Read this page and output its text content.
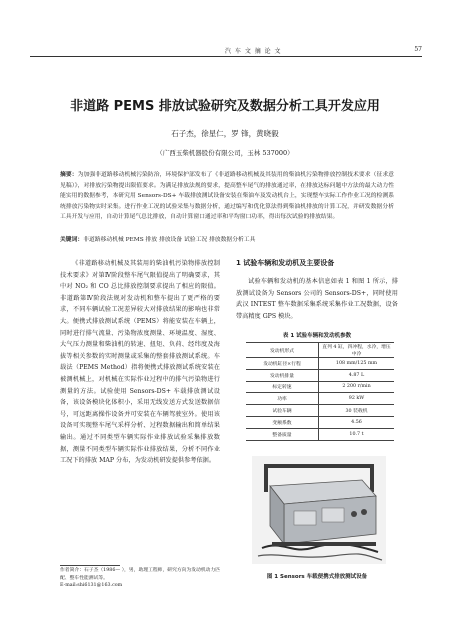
汽 车 文 摘 论 文	57
非道路 PEMS 排放试验研究及数据分析工具开发应用
石子杰，徐星仁，罗 锋，黄晓毅
（广西玉柴机器股份有限公司，玉林 537000）
摘要：为加强非道路移动机械污染防治，环境保护部发布了《非道路移动机械及其装用的柴油机污染物排放控制技术要求（征求意见稿）》，对排放污染物提出限值要求。为满足排放法规的要求，提高整车尾气的排放通过率，在排放达标问题中方法的最大动力性能实用的数据参考，本研究用 Sensors-DS+ 车载排放测试设备安装在柴油车及发动机台上，实现整车实际工作作业工况的检测系统排放污染物实时采集。进行作业工况的试验采集与数据分析，通过编写和优化算法得到柴油机排放的计算工况，并研发数据分析工具开发与应用，自动计算尾气总比排放，自动计算窗口通过率和平均窗口功率，得出每次试验的排放结果。
关键词：非道路移动机械 PEMS 排放 排放设备 试验工况 排放数据分析工具

《非道路移动机械及其装用的柴油机污染物排放控制技术要求》对第Ⅳ阶段整车尾气限值提出了明确要求，其中对 NO₂ 和 CO 总比排放控制要求提出了相应的限值。非道路第Ⅳ阶段法规对发动机和整车提出了更严格的要求，不同车辆试验工况差异较大对排放结果的影响也非常大。便携式排放测试系统（PEMS）将能安装在车辆上，同时进行排气流量、污染物浓度测量、环境温度、湿度、大气压力测量和柴油机的转速、扭矩、负荷、经纬度及海拔等相关参数的实时测量或采集的整套排放测试系统。车载法（PEMS Method）指将便携式排放测试系统安装在被测机械上，对机械在实际作业过程中的排气污染物进行测量的方法。试验使用 Sensors-DS+ 车载排放测试设备，该设备模块化体积小，采用无线发送方式发送数据信号，可远距离操作设备并可安装在车辆驾驶室外。使用该设备可实现整车尾气采样分析、过程数据输出和简单结果输出。通过不同类型车辆实际作业排放试验采集排放数据，测量不同类型车辆实际作业排放结果，分析不同作业工况下的排放 MAP 分布，为发动机研发提供参考依据。

1 试验车辆和发动机及主要设备

试验车辆和发动机的基本信息如表 1 和图 1 所示，排放测试设备为 Sensors 公司的 Sensors-DS+，同时使用武汉 INTEST 整车数据采集系统采集作业工况数据，设备带高精度 GPS 模块。

表 1 试验车辆和发动机参数
发动机形式	直列 4 缸，四冲程，水冷，增压中冷
发动机缸径×行程	108 mm/125 mm
发动机排量	4.87 L
标定转速	2 200 r/min
功率	92 kW
试验车辆	30 装载机
变额系数	4.56
整备质量	10.7 t
图 1 Sensors 车载便携式排放测试设备
作者简介：石子杰（1986— ），男，助理工程师，研究方向为发动机动力匹配、整车性能测试等。
E-mail:shi6131@163.com
